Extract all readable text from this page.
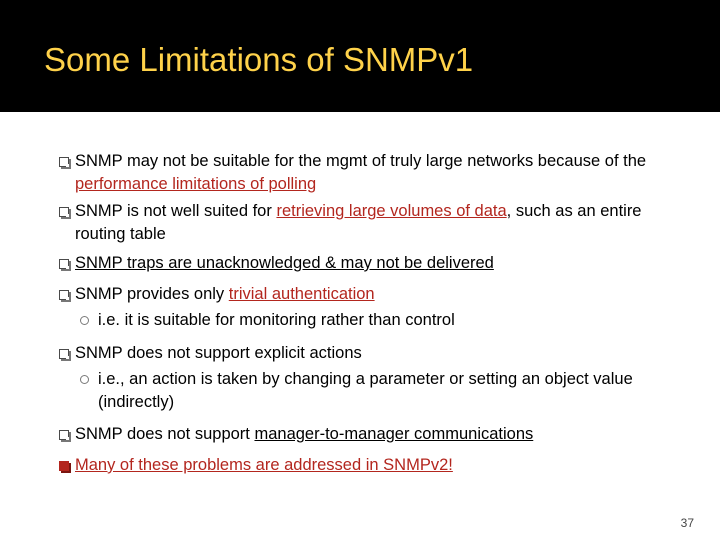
Some Limitations of SNMPv1
SNMP may not be suitable for the mgmt of truly large networks because of the performance limitations of polling
SNMP is not well suited for retrieving large volumes of data, such as an entire routing table
SNMP traps are unacknowledged & may not be delivered
SNMP provides only trivial authentication
i.e. it is suitable for monitoring rather than control
SNMP does not support explicit actions
i.e., an action is taken by changing a parameter or setting an object value (indirectly)
SNMP does not support manager-to-manager communications
Many of these problems are addressed in SNMPv2!
37
